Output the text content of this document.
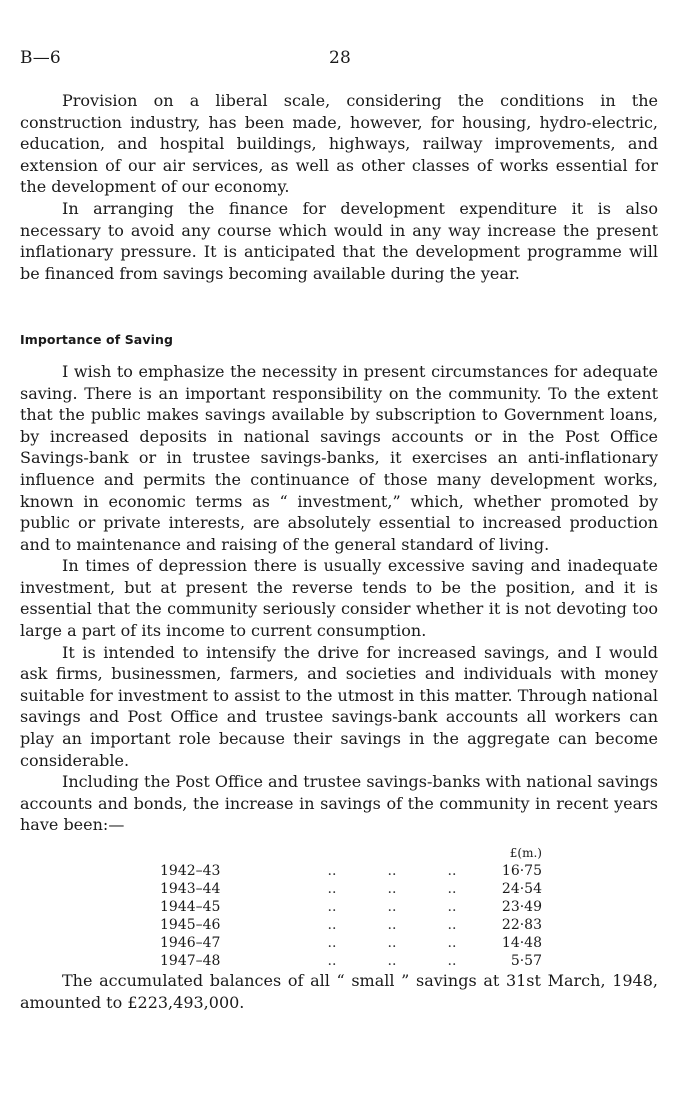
B—6	28

Provision on a liberal scale, considering the conditions in the construction industry, has been made, however, for housing, hydro-electric, education, and hospital buildings, highways, railway improvements, and extension of our air services, as well as other classes of works essential for the development of our economy.

In arranging the finance for development expenditure it is also necessary to avoid any course which would in any way increase the present inflationary pressure. It is anticipated that the development programme will be financed from savings becoming available during the year.

Importance of Saving

I wish to emphasize the necessity in present circumstances for adequate saving. There is an important responsibility on the community. To the extent that the public makes savings available by subscription to Government loans, by increased deposits in national savings accounts or in the Post Office Savings-bank or in trustee savings-banks, it exercises an anti-inflationary influence and permits the continuance of those many development works, known in economic terms as “ investment,” which, whether promoted by public or private interests, are absolutely essential to increased production and to maintenance and raising of the general standard of living.

In times of depression there is usually excessive saving and inadequate investment, but at present the reverse tends to be the position, and it is essential that the community seriously consider whether it is not devoting too large a part of its income to current consumption.

It is intended to intensify the drive for increased savings, and I would ask firms, businessmen, farmers, and societies and individuals with money suitable for investment to assist to the utmost in this matter. Through national savings and Post Office and trustee savings-bank accounts all workers can play an important role because their savings in the aggregate can become considerable.

Including the Post Office and trustee savings-banks with national savings accounts and bonds, the increase in savings of the community in recent years have been:—

£(m.)
1942–43	..	..	..	16·75
1943–44	..	..	..	24·54
1944–45	..	..	..	23·49
1945–46	..	..	..	22·83
1946–47	..	..	..	14·48
1947–48	..	..	..	5·57

The accumulated balances of all “ small ” savings at 31st March, 1948, amounted to £223,493,000.
